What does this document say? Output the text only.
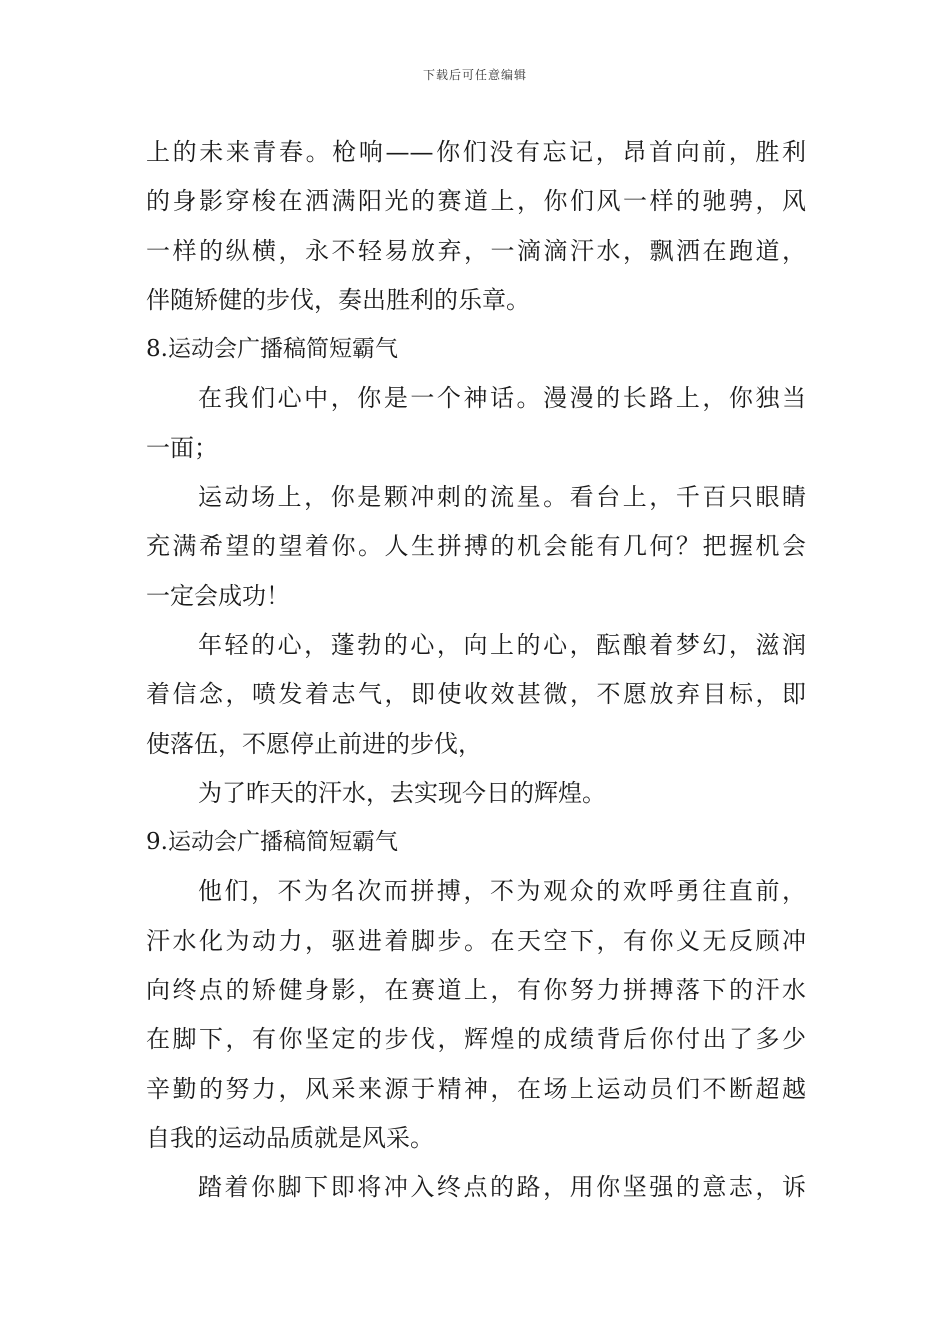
下载后可任意编辑
上的未来青春。枪响——你们没有忘记，昂首向前，胜利
的身影穿梭在洒满阳光的赛道上，你们风一样的驰骋，风
一样的纵横，永不轻易放弃，一滴滴汗水，飘洒在跑道，
伴随矫健的步伐，奏出胜利的乐章。
8.运动会广播稿简短霸气
在我们心中，你是一个神话。漫漫的长路上，你独当
一面；
运动场上，你是颗冲刺的流星。看台上，千百只眼睛
充满希望的望着你。人生拼搏的机会能有几何？把握机会
一定会成功！
年轻的心，蓬勃的心，向上的心，酝酿着梦幻，滋润
着信念，喷发着志气，即使收效甚微，不愿放弃目标，即
使落伍，不愿停止前进的步伐，
为了昨天的汗水，去实现今日的辉煌。
9.运动会广播稿简短霸气
他们，不为名次而拼搏，不为观众的欢呼勇往直前，
汗水化为动力，驱进着脚步。在天空下，有你义无反顾冲
向终点的矫健身影，在赛道上，有你努力拼搏落下的汗水
在脚下，有你坚定的步伐，辉煌的成绩背后你付出了多少
辛勤的努力，风采来源于精神，在场上运动员们不断超越
自我的运动品质就是风采。
踏着你脚下即将冲入终点的路，用你坚强的意志，诉
